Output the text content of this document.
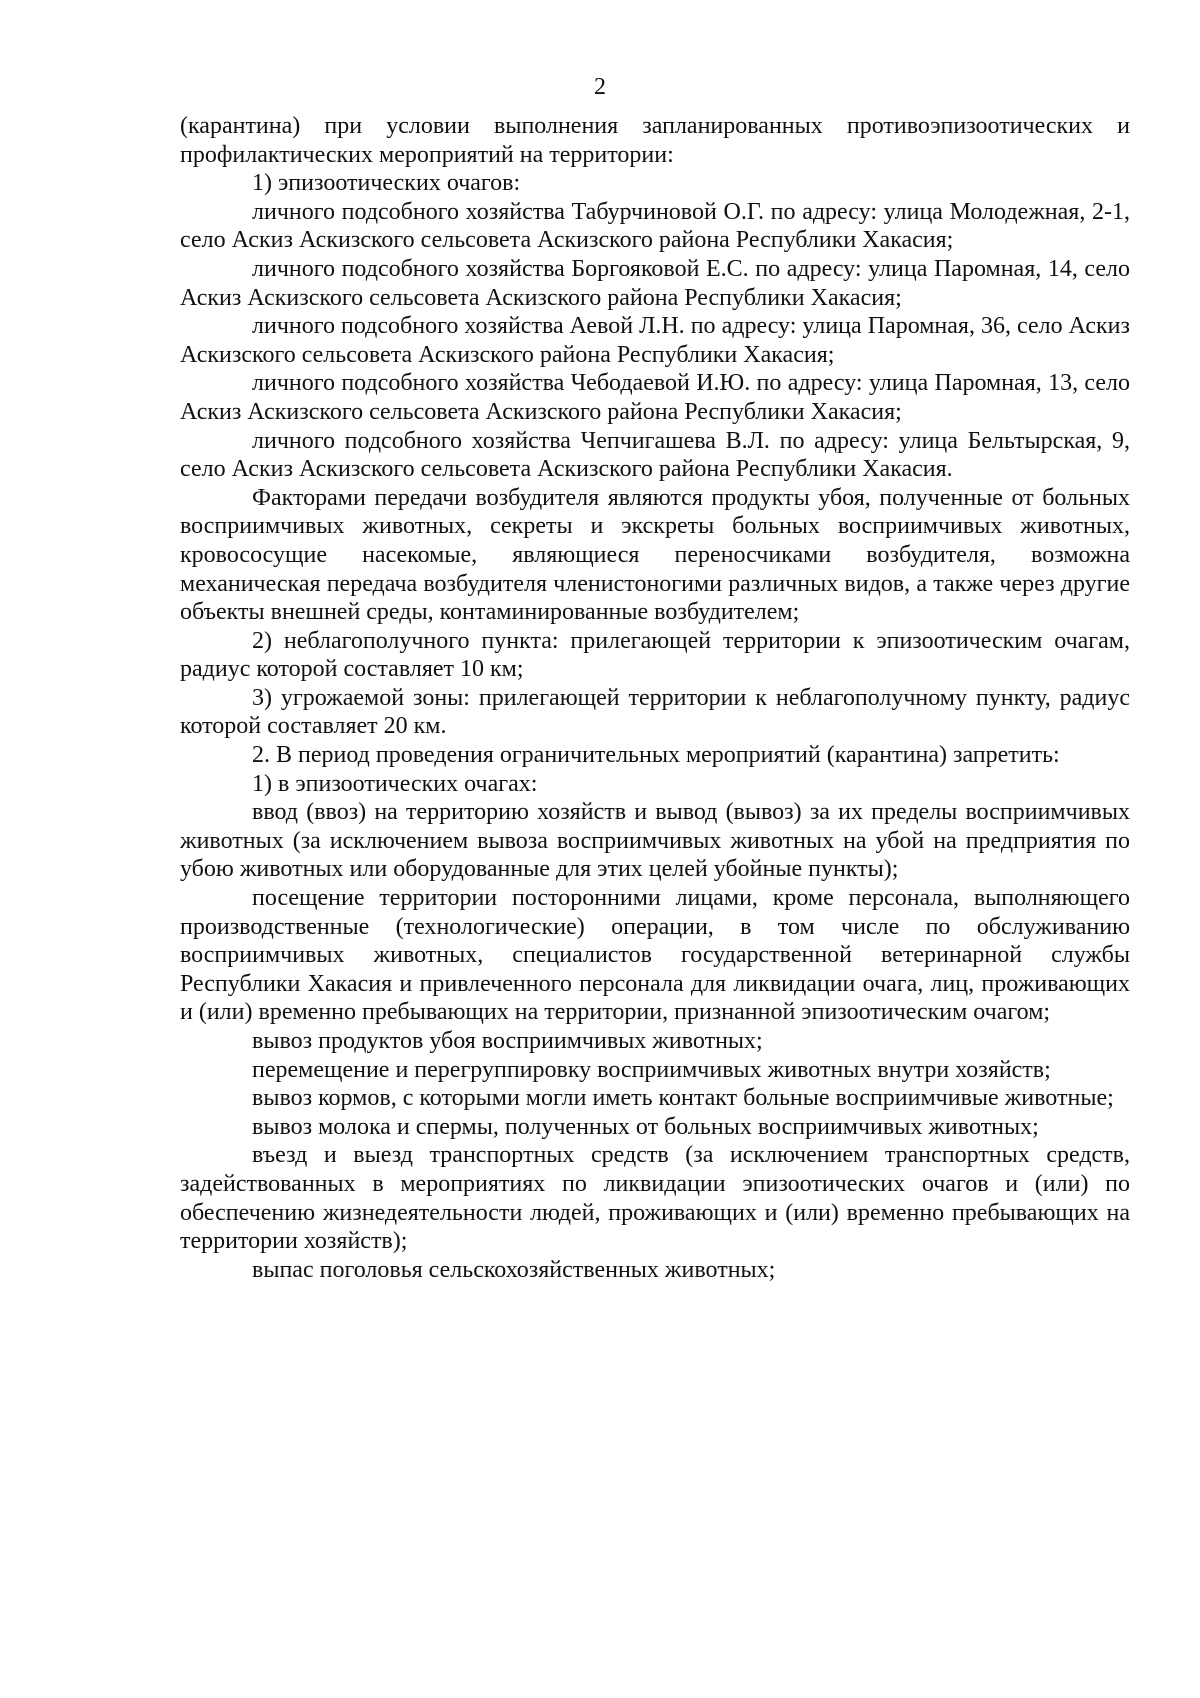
2

(карантина) при условии выполнения запланированных противоэпизоотических и профилактических мероприятий на территории:

1) эпизоотических очагов:

личного подсобного хозяйства Табурчиновой О.Г. по адресу: улица Молодежная, 2-1, село Аскиз Аскизского сельсовета Аскизского района Республики Хакасия;

личного подсобного хозяйства Боргояковой Е.С. по адресу: улица Паромная, 14, село Аскиз Аскизского сельсовета Аскизского района Республики Хакасия;

личного подсобного хозяйства Аевой Л.Н. по адресу: улица Паромная, 36, село Аскиз Аскизского сельсовета Аскизского района Республики Хакасия;

личного подсобного хозяйства Чебодаевой И.Ю. по адресу: улица Паромная, 13, село Аскиз Аскизского сельсовета Аскизского района Республики Хакасия;

личного подсобного хозяйства Чепчигашева В.Л. по адресу: улица Бельтырская, 9, село Аскиз Аскизского сельсовета Аскизского района Республики Хакасия.

Факторами передачи возбудителя являются продукты убоя, полученные от больных восприимчивых животных, секреты и экскреты больных восприимчивых животных, кровососущие насекомые, являющиеся переносчиками возбудителя, возможна механическая передача возбудителя членистоногими различных видов, а также через другие объекты внешней среды, контаминированные возбудителем;

2) неблагополучного пункта: прилегающей территории к эпизоотическим очагам, радиус которой составляет 10 км;

3) угрожаемой зоны: прилегающей территории к неблагополучному пункту, радиус которой составляет 20 км.

2. В период проведения ограничительных мероприятий (карантина) запретить:

1) в эпизоотических очагах:

ввод (ввоз) на территорию хозяйств и вывод (вывоз) за их пределы восприимчивых животных (за исключением вывоза восприимчивых животных на убой на предприятия по убою животных или оборудованные для этих целей убойные пункты);

посещение территории посторонними лицами, кроме персонала, выполняющего производственные (технологические) операции, в том числе по обслуживанию восприимчивых животных, специалистов государственной ветеринарной службы Республики Хакасия и привлеченного персонала для ликвидации очага, лиц, проживающих и (или) временно пребывающих на территории, признанной эпизоотическим очагом;

вывоз продуктов убоя восприимчивых животных;

перемещение и перегруппировку восприимчивых животных внутри хозяйств;

вывоз кормов, с которыми могли иметь контакт больные восприимчивые животные;

вывоз молока и спермы, полученных от больных восприимчивых животных;

въезд и выезд транспортных средств (за исключением транспортных средств, задействованных в мероприятиях по ликвидации эпизоотических очагов и (или) по обеспечению жизнедеятельности людей, проживающих и (или) временно пребывающих на территории хозяйств);

выпас поголовья сельскохозяйственных животных;
